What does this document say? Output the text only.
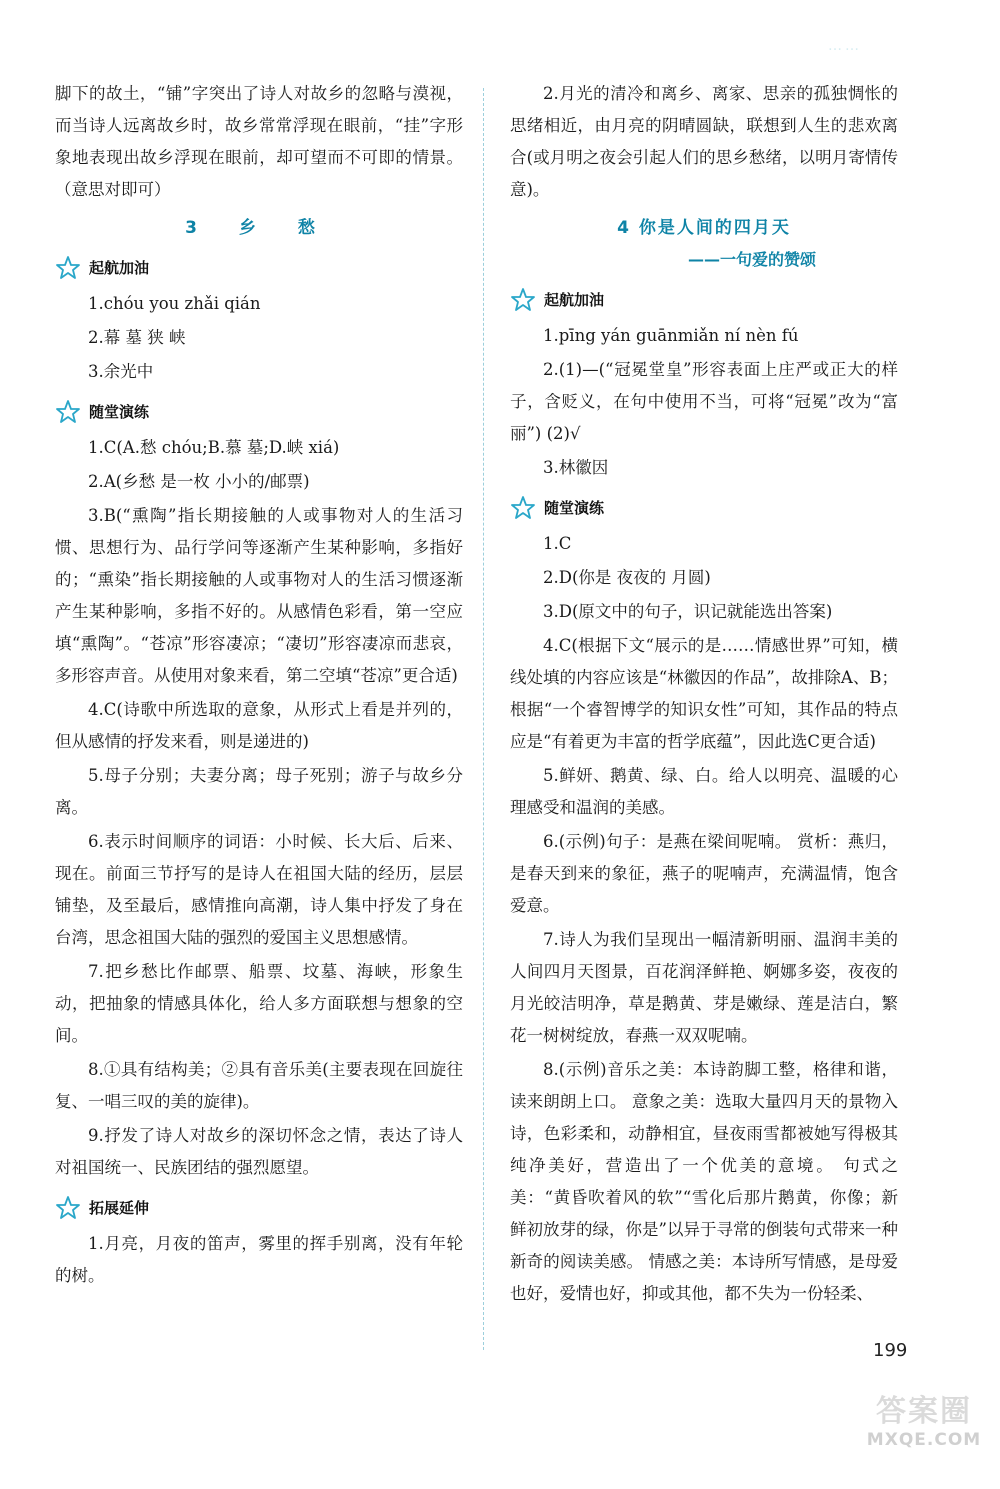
……

脚下的故土，“铺”字突出了诗人对故乡的忽略与漠视，而当诗人远离故乡时，故乡常常浮现在眼前，“挂”字形象地表现出故乡浮现在眼前，却可望而不可即的情景。（意思对即可）

3 乡 愁
起航加油

1.chóu you zhǎi qián

2.幕 墓 狭 峡

3.余光中

随堂演练

1.C(A.愁 chóu;B.慕 墓;D.峡 xiá)

2.A(乡愁 是一枚 小小的/邮票)

3.B(“熏陶”指长期接触的人或事物对人的生活习惯、思想行为、品行学问等逐渐产生某种影响，多指好的；“熏染”指长期接触的人或事物对人的生活习惯逐渐产生某种影响，多指不好的。从感情色彩看，第一空应填“熏陶”。“苍凉”形容凄凉；“凄切”形容凄凉而悲哀，多形容声音。从使用对象来看，第二空填“苍凉”更合适)

4.C(诗歌中所选取的意象，从形式上看是并列的，但从感情的抒发来看，则是递进的)

5.母子分别；夫妻分离；母子死别；游子与故乡分离。

6.表示时间顺序的词语：小时候、长大后、后来、现在。前面三节抒写的是诗人在祖国大陆的经历，层层铺垫，及至最后，感情推向高潮，诗人集中抒发了身在台湾，思念祖国大陆的强烈的爱国主义思想感情。

7.把乡愁比作邮票、船票、坟墓、海峡，形象生动，把抽象的情感具体化，给人多方面联想与想象的空间。

8.①具有结构美；②具有音乐美(主要表现在回旋往复、一唱三叹的美的旋律)。

9.抒发了诗人对故乡的深切怀念之情，表达了诗人对祖国统一、民族团结的强烈愿望。

拓展延伸

1.月亮，月夜的笛声，雾里的挥手别离，没有年轮的树。

2.月光的清冷和离乡、离家、思亲的孤独惆怅的思绪相近，由月亮的阴晴圆缺，联想到人生的悲欢离合(或月明之夜会引起人们的思乡愁绪，以明月寄情传意)。

4 你是人间的四月天
——一句爱的赞颂
起航加油

1.pīng yán guānmiǎn ní nèn fú

2.(1)—(“冠冕堂皇”形容表面上庄严或正大的样子，含贬义，在句中使用不当，可将“冠冕”改为“富丽”) (2)√

3.林徽因

随堂演练

1.C

2.D(你是 夜夜的 月圆)

3.D(原文中的句子，识记就能选出答案)

4.C(根据下文“展示的是……情感世界”可知，横线处填的内容应该是“林徽因的作品”，故排除A、B；根据“一个睿智博学的知识女性”可知，其作品的特点应是“有着更为丰富的哲学底蕴”，因此选C更合适)

5.鲜妍、鹅黄、绿、白。给人以明亮、温暖的心理感受和温润的美感。

6.(示例)句子：是燕在梁间呢喃。 赏析：燕归，是春天到来的象征，燕子的呢喃声，充满温情，饱含爱意。

7.诗人为我们呈现出一幅清新明丽、温润丰美的人间四月天图景，百花润泽鲜艳、婀娜多姿，夜夜的月光皎洁明净，草是鹅黄、芽是嫩绿、莲是洁白，繁花一树树绽放，春燕一双双呢喃。

8.(示例)音乐之美：本诗韵脚工整，格律和谐，读来朗朗上口。 意象之美：选取大量四月天的景物入诗，色彩柔和，动静相宜，昼夜雨雪都被她写得极其纯净美好，营造出了一个优美的意境。 句式之美：“黄昏吹着风的软”“雪化后那片鹅黄，你像；新鲜初放芽的绿，你是”以异于寻常的倒装句式带来一种新奇的阅读美感。 情感之美：本诗所写情感，是母爱也好，爱情也好，抑或其他，都不失为一份轻柔、

199
答案圈
MXQE.COM
